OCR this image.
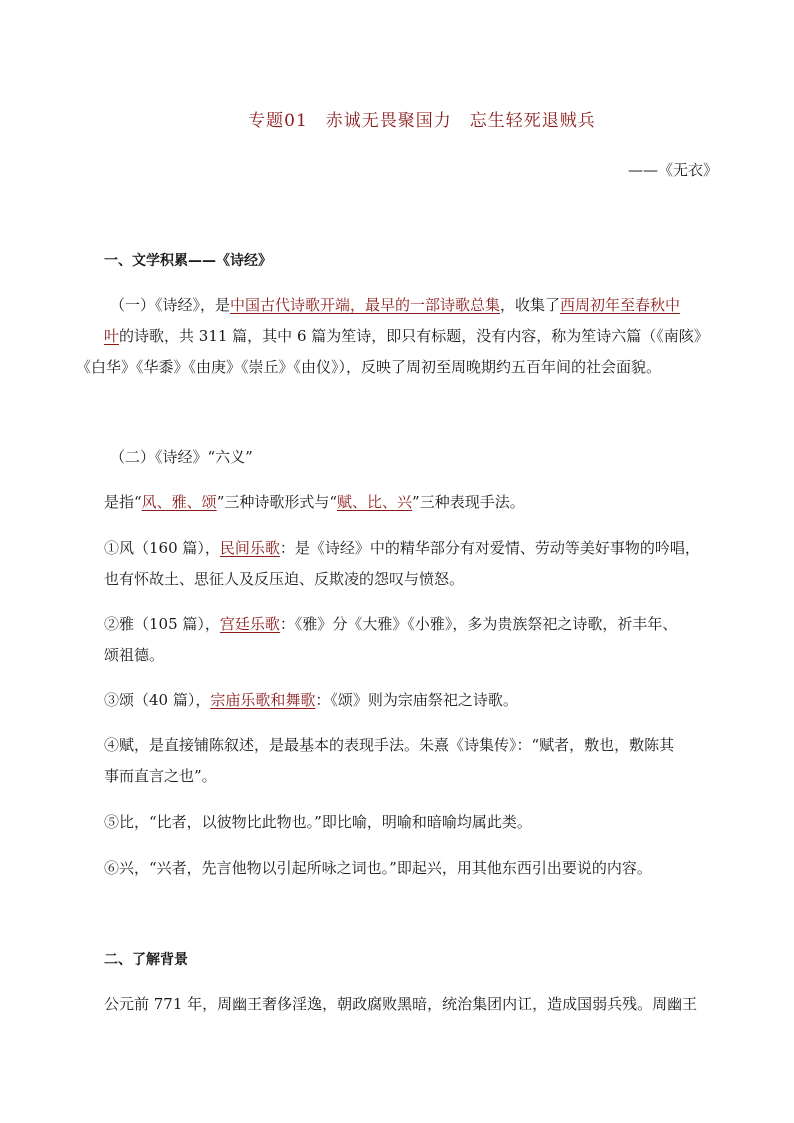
专题01　赤诚无畏聚国力　忘生轻死退贼兵
——《无衣》
一、文学积累——《诗经》
（一）《诗经》，是中国古代诗歌开端，最早的一部诗歌总集，收集了西周初年至春秋中
叶的诗歌，共 311 篇，其中 6 篇为笙诗，即只有标题，没有内容，称为笙诗六篇（《南陔》
《白华》《华黍》《由庚》《崇丘》《由仪》），反映了周初至周晚期约五百年间的社会面貌。
（二）《诗经》“六义”
是指“风、雅、颂”三种诗歌形式与“赋、比、兴”三种表现手法。
①风（160 篇），民间乐歌：是《诗经》中的精华部分有对爱情、劳动等美好事物的吟唱，
也有怀故土、思征人及反压迫、反欺凌的怨叹与愤怒。
②雅（105 篇），宫廷乐歌：《雅》分《大雅》《小雅》，多为贵族祭祀之诗歌，祈丰年、
颂祖德。
③颂（40 篇），宗庙乐歌和舞歌：《颂》则为宗庙祭祀之诗歌。
④赋，是直接铺陈叙述，是最基本的表现手法。朱熹《诗集传》：“赋者，敷也，敷陈其
事而直言之也”。
⑤比，“比者，以彼物比此物也。”即比喻，明喻和暗喻均属此类。
⑥兴，“兴者，先言他物以引起所咏之词也。”即起兴，用其他东西引出要说的内容。
二、了解背景
公元前 771 年，周幽王奢侈淫逸，朝政腐败黑暗，统治集团内讧，造成国弱兵残。周幽王
